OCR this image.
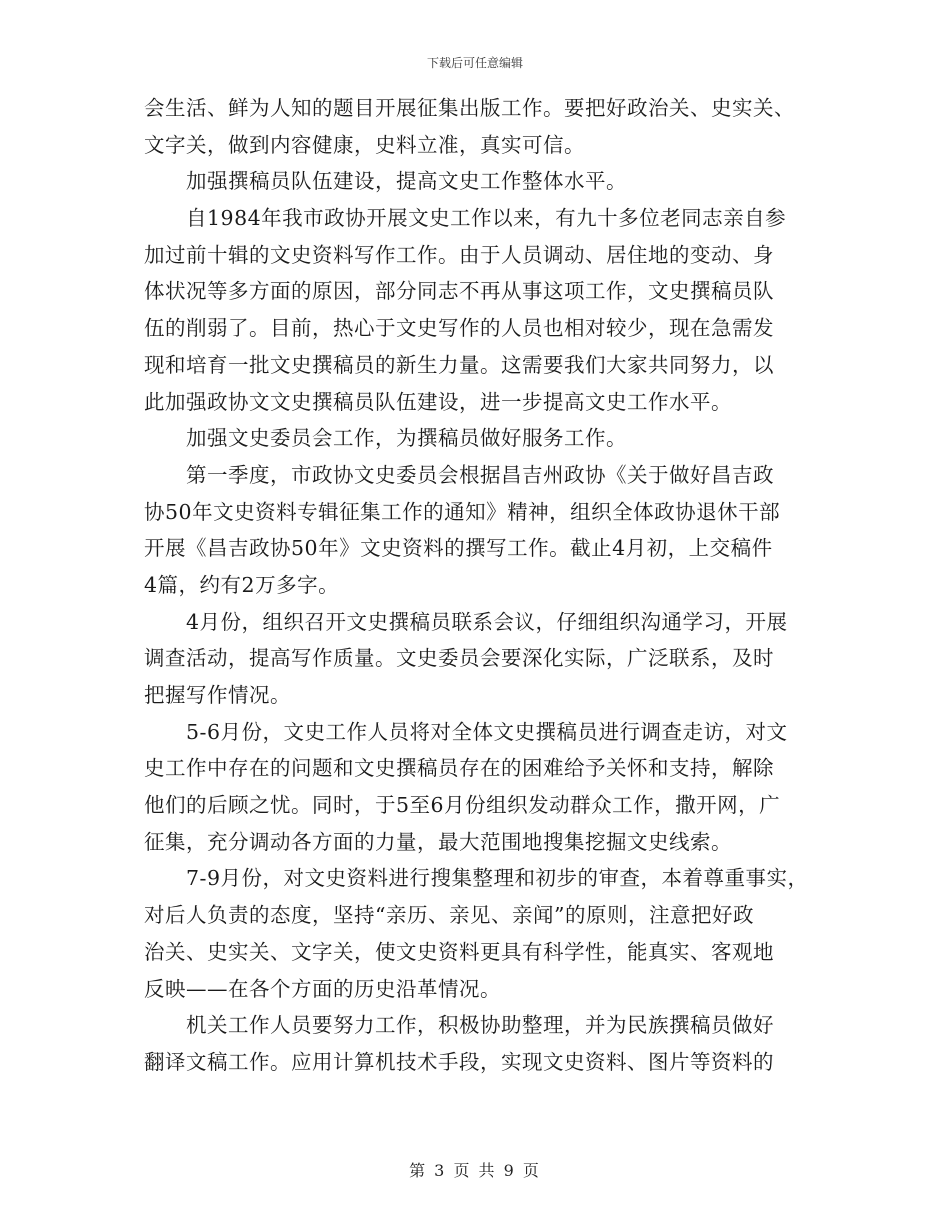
下载后可任意编辑
会生活、鲜为人知的题目开展征集出版工作。要把好政治关、史实关、
文字关，做到内容健康，史料立准，真实可信。
加强撰稿员队伍建设，提高文史工作整体水平。
自1984年我市政协开展文史工作以来，有九十多位老同志亲自参
加过前十辑的文史资料写作工作。由于人员调动、居住地的变动、身
体状况等多方面的原因，部分同志不再从事这项工作，文史撰稿员队
伍的削弱了。目前，热心于文史写作的人员也相对较少，现在急需发
现和培育一批文史撰稿员的新生力量。这需要我们大家共同努力，以
此加强政协文文史撰稿员队伍建设，进一步提高文史工作水平。
加强文史委员会工作，为撰稿员做好服务工作。
第一季度，市政协文史委员会根据昌吉州政协《关于做好昌吉政
协50年文史资料专辑征集工作的通知》精神，组织全体政协退休干部
开展《昌吉政协50年》文史资料的撰写工作。截止4月初，上交稿件
4篇，约有2万多字。
4月份，组织召开文史撰稿员联系会议，仔细组织沟通学习，开展
调查活动，提高写作质量。文史委员会要深化实际，广泛联系，及时
把握写作情况。
5-6月份，文史工作人员将对全体文史撰稿员进行调查走访，对文
史工作中存在的问题和文史撰稿员存在的困难给予关怀和支持，解除
他们的后顾之忧。同时，于5至6月份组织发动群众工作，撒开网，广
征集，充分调动各方面的力量，最大范围地搜集挖掘文史线索。
7-9月份，对文史资料进行搜集整理和初步的审查，本着尊重事实，
对后人负责的态度，坚持“亲历、亲见、亲闻”的原则，注意把好政
治关、史实关、文字关，使文史资料更具有科学性，能真实、客观地
反映——在各个方面的历史沿革情况。
机关工作人员要努力工作，积极协助整理，并为民族撰稿员做好
翻译文稿工作。应用计算机技术手段，实现文史资料、图片等资料的
第 3 页 共 9 页
